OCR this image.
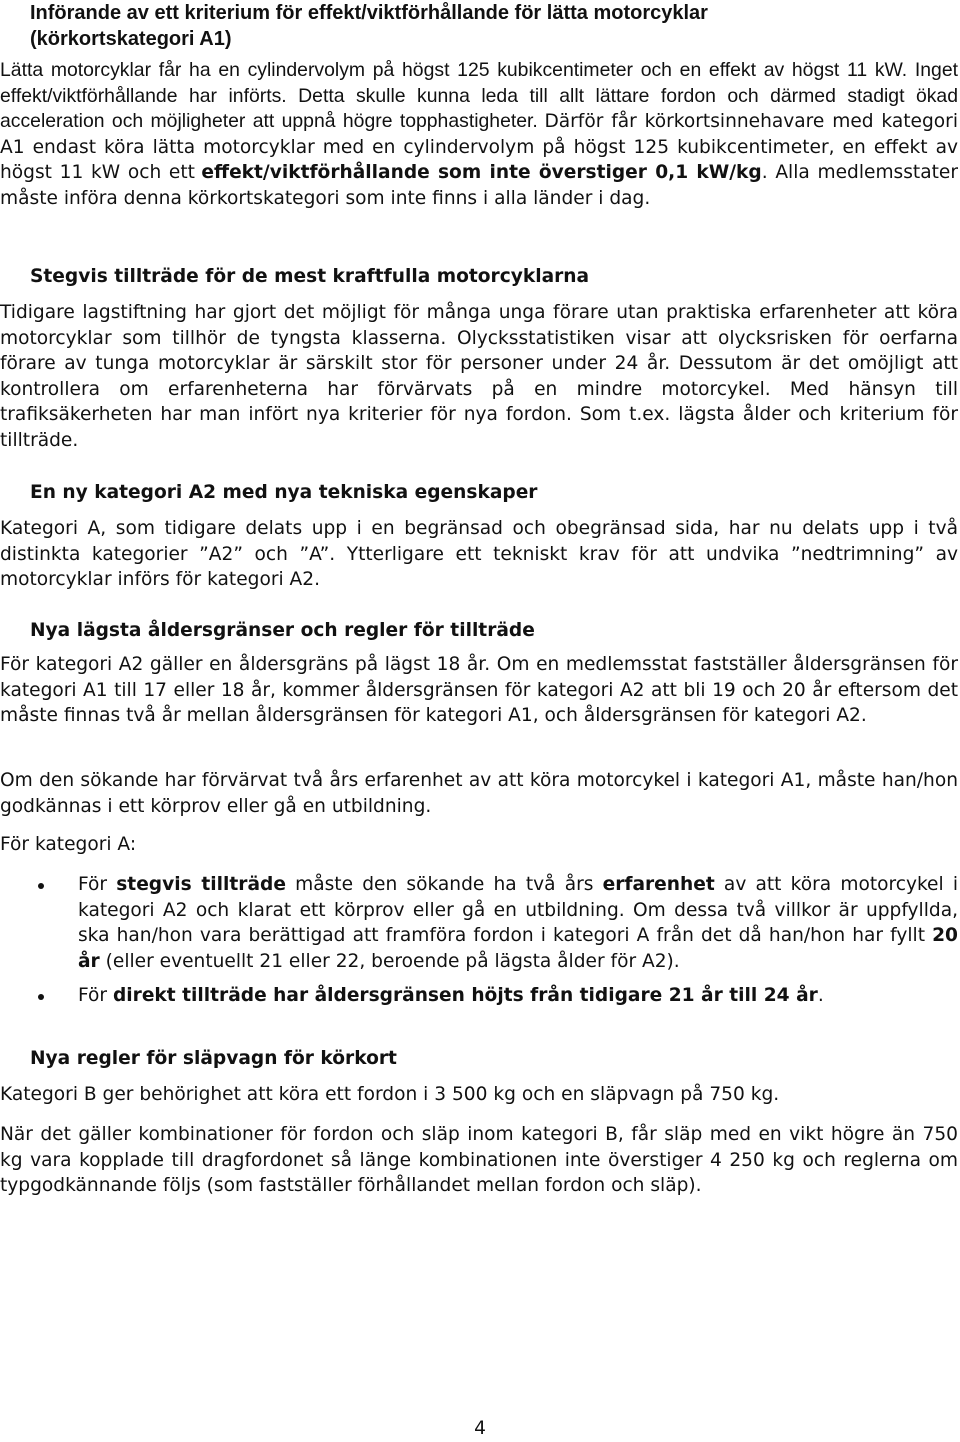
Införande av ett kriterium för effekt/viktförhållande för lätta motorcyklar
(körkortskategori A1)

Lätta motorcyklar får ha en cylindervolym på högst 125 kubikcentimeter och en effekt av högst 11 kW. Inget effekt/viktförhållande har införts. Detta skulle kunna leda till allt lättare fordon och därmed stadigt ökad acceleration och möjligheter att uppnå högre topphastigheter. Därför får körkortsinnehavare med kategori A1 endast köra lätta motorcyklar med en cylindervolym på högst 125 kubikcentimeter, en effekt av högst 11 kW och ett effekt/viktförhållande som inte överstiger 0,1 kW/kg. Alla medlemsstater måste införa denna körkortskategori som inte finns i alla länder i dag.

Stegvis tillträde för de mest kraftfulla motorcyklarna

Tidigare lagstiftning har gjort det möjligt för många unga förare utan praktiska erfarenheter att köra motorcyklar som tillhör de tyngsta klasserna. Olycksstatistiken visar att olycksrisken för oerfarna förare av tunga motorcyklar är särskilt stor för personer under 24 år. Dessutom är det omöjligt att kontrollera om erfarenheterna har förvärvats på en mindre motorcykel. Med hänsyn till trafiksäkerheten har man infört nya kriterier för nya fordon. Som t.ex. lägsta ålder och kriterium för tillträde.

En ny kategori A2 med nya tekniska egenskaper

Kategori A, som tidigare delats upp i en begränsad och obegränsad sida, har nu delats upp i två distinkta kategorier ”A2” och ”A”. Ytterligare ett tekniskt krav för att undvika ”nedtrimning” av motorcyklar införs för kategori A2.

Nya lägsta åldersgränser och regler för tillträde

För kategori A2 gäller en åldersgräns på lägst 18 år. Om en medlemsstat fastställer åldersgränsen för kategori A1 till 17 eller 18 år, kommer åldersgränsen för kategori A2 att bli 19 och 20 år eftersom det måste finnas två år mellan åldersgränsen för kategori A1, och åldersgränsen för kategori A2.

Om den sökande har förvärvat två års erfarenhet av att köra motorcykel i kategori A1, måste han/hon godkännas i ett körprov eller gå en utbildning.

För kategori A:

För stegvis tillträde måste den sökande ha två års erfarenhet av att köra motorcykel i kategori A2 och klarat ett körprov eller gå en utbildning. Om dessa två villkor är uppfyllda, ska han/hon vara berättigad att framföra fordon i kategori A från det då han/hon har fyllt 20 år (eller eventuellt 21 eller 22, beroende på lägsta ålder för A2).
För direkt tillträde har åldersgränsen höjts från tidigare 21 år till 24 år.
Nya regler för släpvagn för körkort

Kategori B ger behörighet att köra ett fordon i 3 500 kg och en släpvagn på 750 kg.

När det gäller kombinationer för fordon och släp inom kategori B, får släp med en vikt högre än 750 kg vara kopplade till dragfordonet så länge kombinationen inte överstiger 4 250 kg och reglerna om typgodkännande följs (som fastställer förhållandet mellan fordon och släp).

4
